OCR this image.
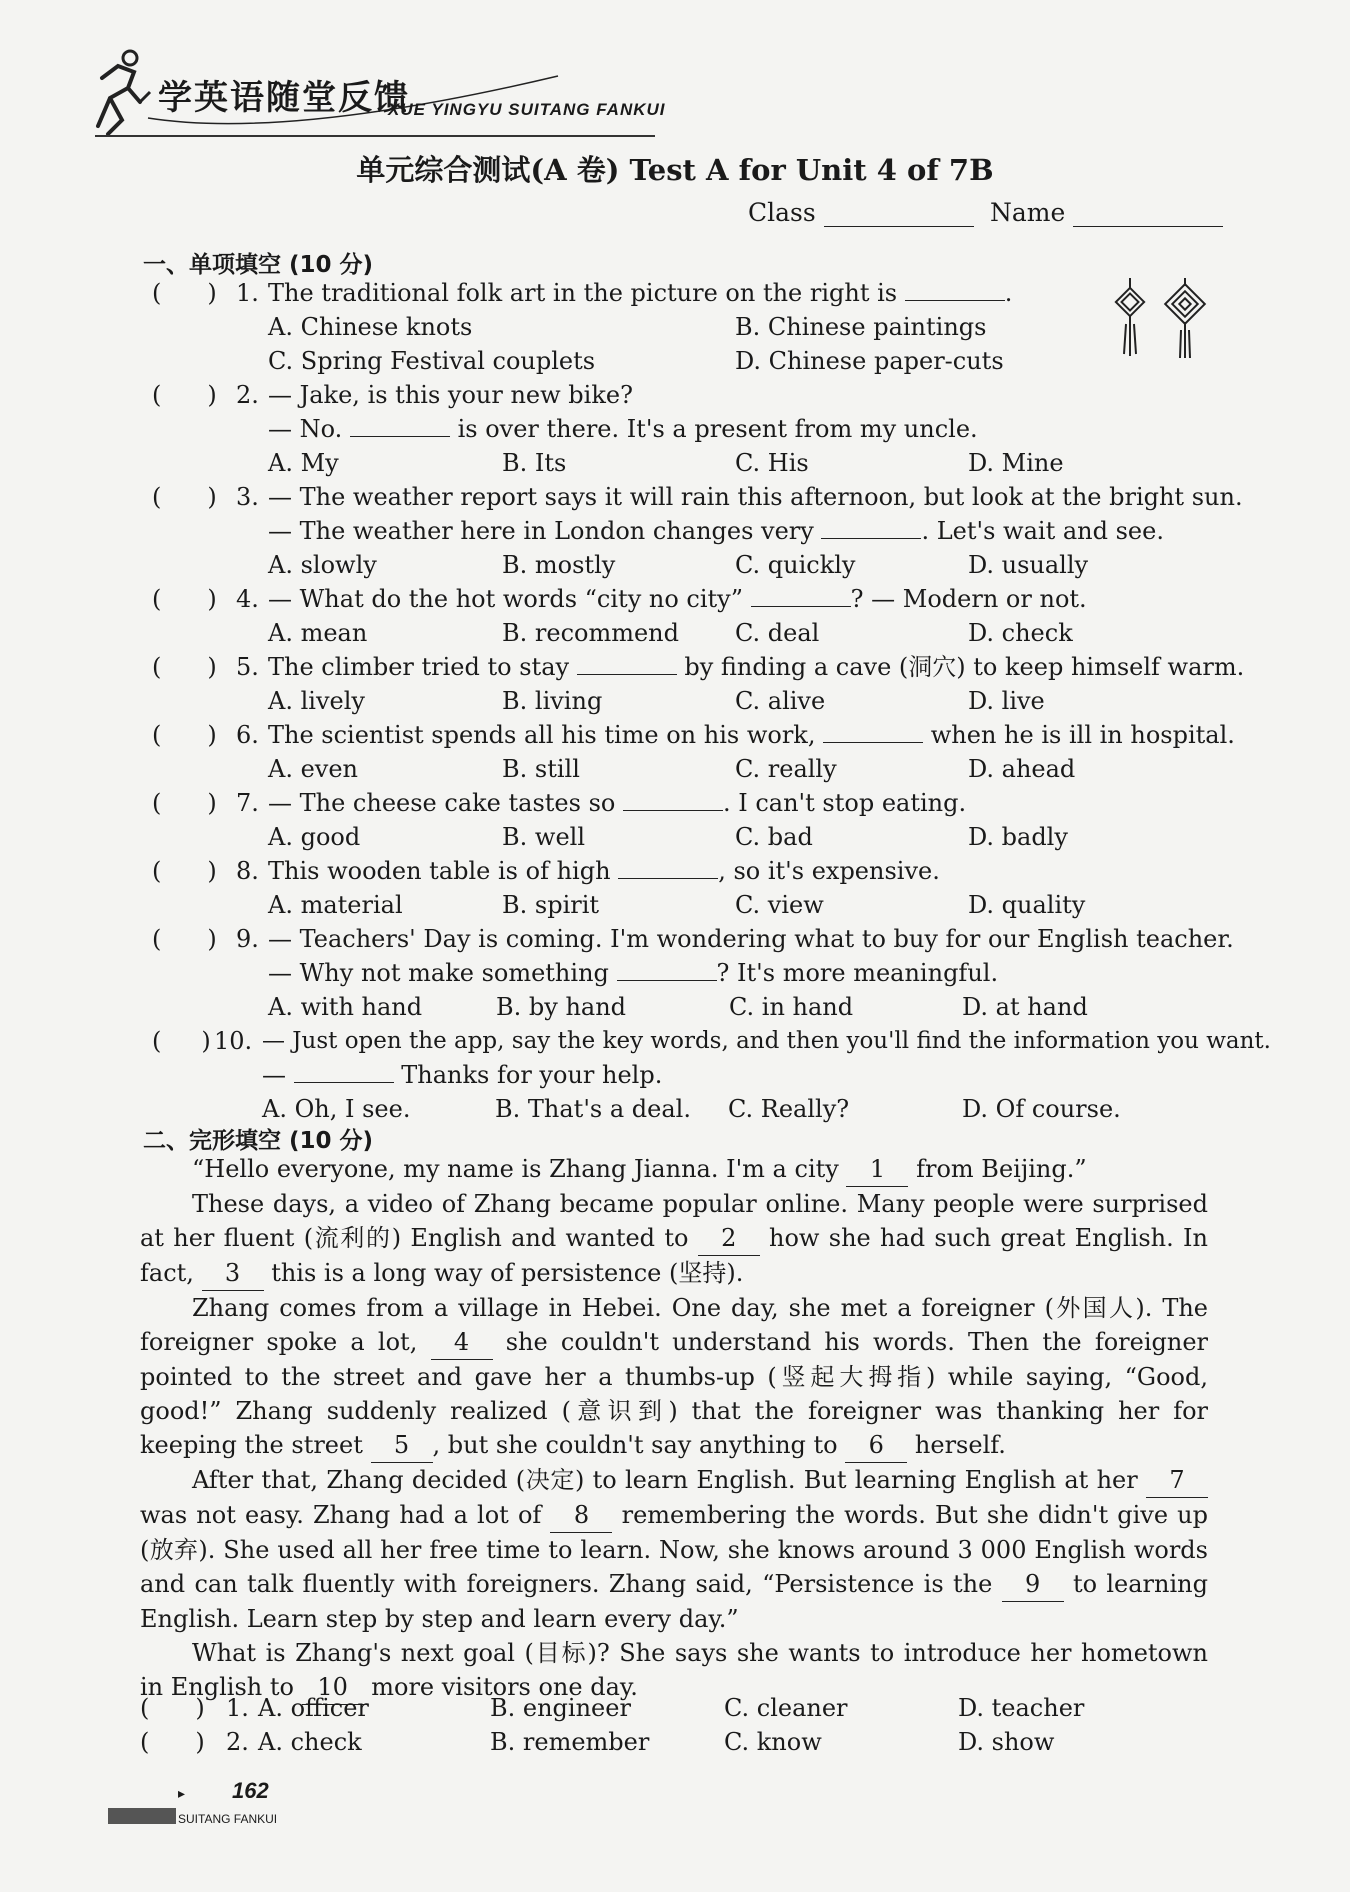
学英语随堂反馈
XUE YINGYU SUITANG FANKUI
单元综合测试(A 卷) Test A for Unit 4 of 7B
Class	Name
一、单项填空 (10 分)
( ) 1. The traditional folk art in the picture on the right is	.
A. Chinese knots	B. Chinese paintings
C. Spring Festival couplets	D. Chinese paper-cuts
( ) 2. — Jake, is this your new bike?
— No.	is over there. It's a present from my uncle.
A. My	B. Its	C. His	D. Mine
( ) 3. — The weather report says it will rain this afternoon, but look at the bright sun.
— The weather here in London changes very	. Let's wait and see.
A. slowly	B. mostly	C. quickly	D. usually
( ) 4. — What do the hot words “city no city”	? — Modern or not.
A. mean	B. recommend C. deal	D. check
( ) 5. The climber tried to stay	by finding a cave (洞穴) to keep himself warm.
A. lively	B. living	C. alive	D. live
( ) 6. The scientist spends all his time on his work,	when he is ill in hospital.
A. even	B. still	C. really	D. ahead
( ) 7. — The cheese cake tastes so	. I can't stop eating.
A. good	B. well	C. bad	D. badly
( ) 8. This wooden table is of high	, so it's expensive.
A. material	B. spirit	C. view	D. quality
( ) 9. — Teachers' Day is coming. I'm wondering what to buy for our English teacher.
— Why not make something	? It's more meaningful.
A. with hand	B. by hand	C. in hand	D. at hand
( ) 10. — Just open the app, say the key words, and then you'll find the information you want.
—	Thanks for your help.
A. Oh, I see.	B. That's a deal. C. Really?	D. Of course.
二、完形填空 (10 分)
“Hello everyone, my name is Zhang Jianna. I'm a city 1 from Beijing.”
These days, a video of Zhang became popular online. Many people were surprised at her fluent (流利的) English and wanted to 2 how she had such great English. In fact, 3 this is a long way of persistence (坚持).
Zhang comes from a village in Hebei. One day, she met a foreigner (外国人). The foreigner spoke a lot, 4 she couldn't understand his words. Then the foreigner pointed to the street and gave her a thumbs-up (竖起大拇指) while saying, “Good, good!” Zhang suddenly realized (意识到) that the foreigner was thanking her for keeping the street 5 , but she couldn't say anything to 6 herself.
After that, Zhang decided (决定) to learn English. But learning English at her 7 was not easy. Zhang had a lot of 8 remembering the words. But she didn't give up (放弃). She used all her free time to learn. Now, she knows around 3 000 English words and can talk fluently with foreigners. Zhang said, “Persistence is the 9 to learning English. Learn step by step and learn every day.”
What is Zhang's next goal (目标)? She says she wants to introduce her hometown in English to 10 more visitors one day.
( ) 1. A. officer	B. engineer	C. cleaner	D. teacher
( ) 2. A. check	B. remember	C. know	D. show
▸ 162
SUITANG FANKUI
